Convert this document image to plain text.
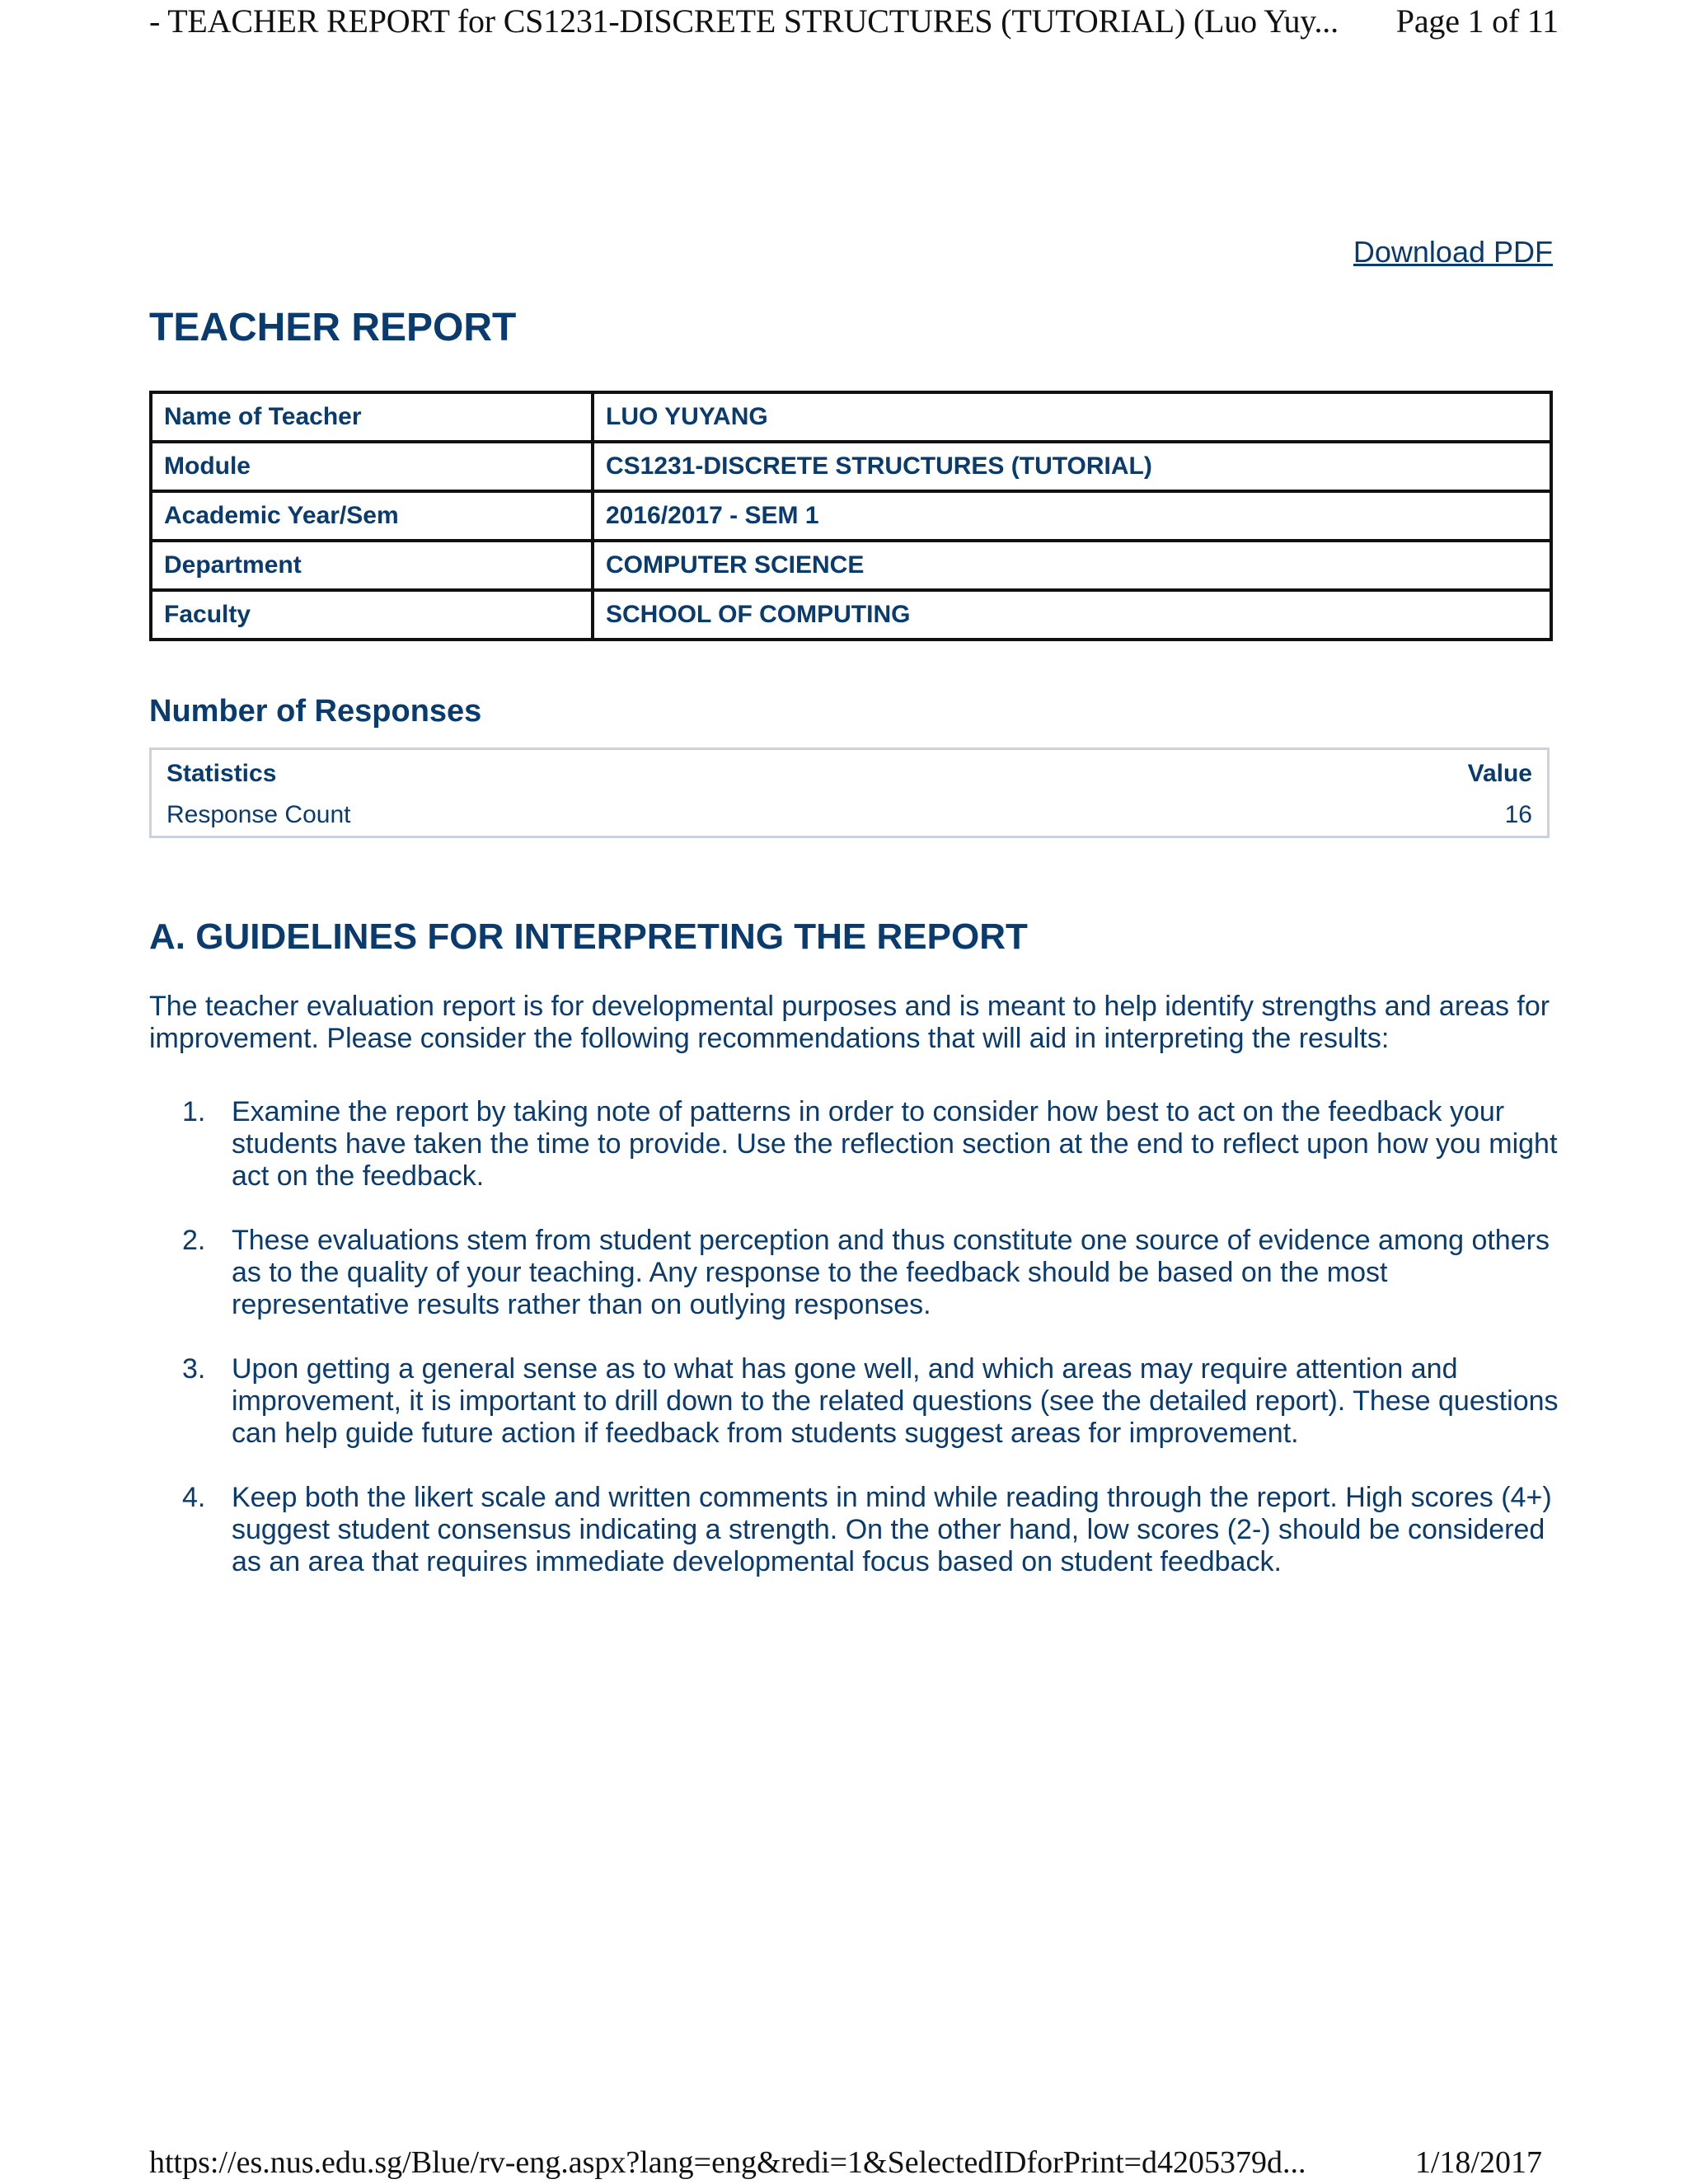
- TEACHER REPORT for CS1231-DISCRETE STRUCTURES (TUTORIAL) (Luo Yuy... Page 1 of 11
Download PDF
TEACHER REPORT
Name of Teacher	LUO YUYANG
Module	CS1231-DISCRETE STRUCTURES (TUTORIAL)
Academic Year/Sem	2016/2017 - SEM 1
Department	COMPUTER SCIENCE
Faculty	SCHOOL OF COMPUTING
Number of Responses
Statistics	Value
Response Count	16
A. GUIDELINES FOR INTERPRETING THE REPORT

The teacher evaluation report is for developmental purposes and is meant to help identify strengths and areas for improvement. Please consider the following recommendations that will aid in interpreting the results:

1. Examine the report by taking note of patterns in order to consider how best to act on the feedback your students have taken the time to provide. Use the reflection section at the end to reflect upon how you might act on the feedback.
2. These evaluations stem from student perception and thus constitute one source of evidence among others as to the quality of your teaching. Any response to the feedback should be based on the most representative results rather than on outlying responses.
3. Upon getting a general sense as to what has gone well, and which areas may require attention and improvement, it is important to drill down to the related questions (see the detailed report). These questions can help guide future action if feedback from students suggest areas for improvement.
4. Keep both the likert scale and written comments in mind while reading through the report. High scores (4+) suggest student consensus indicating a strength. On the other hand, low scores (2-) should be considered as an area that requires immediate developmental focus based on student feedback.
https://es.nus.edu.sg/Blue/rv-eng.aspx?lang=eng&redi=1&SelectedIDforPrint=d4205379d...	1/18/2017
